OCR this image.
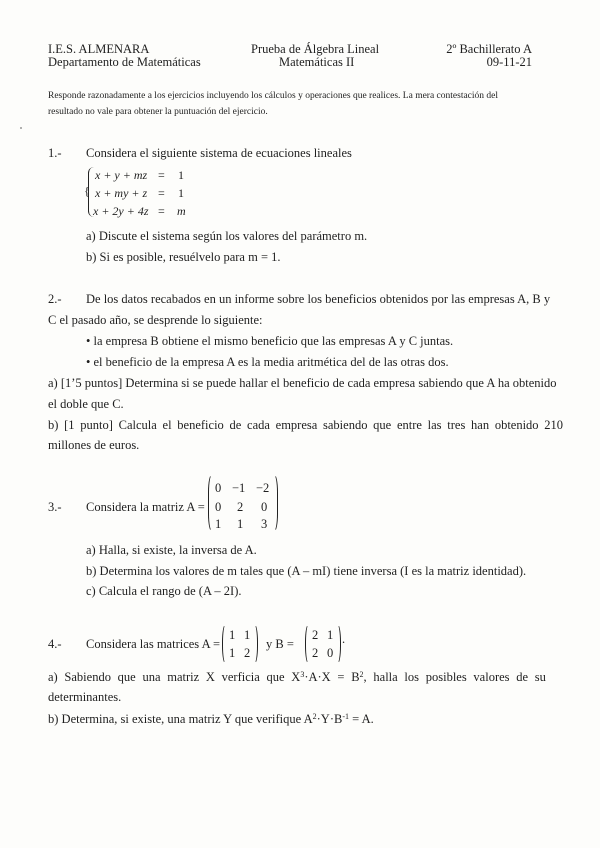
I.E.S. ALMENARA
Departamento de Matemáticas
Prueba de Álgebra Lineal
Matemáticas II
2º Bachillerato A
09-11-21
Responde razonadamente a los ejercicios incluyendo los cálculos y operaciones que realices. La mera contestación del
resultado no vale para obtener la puntuación del ejercicio.
1.- Considera el siguiente sistema de ecuaciones lineales
{
x + y + mz = 1
x + my + z = 1
x + 2y + 4z = m
a) Discute el sistema según los valores del parámetro m.
b) Si es posible, resuélvelo para m = 1.
2.- De los datos recabados en un informe sobre los beneficios obtenidos por las empresas A, B y
C el pasado año, se desprende lo siguiente:
• la empresa B obtiene el mismo beneficio que las empresas A y C juntas.
• el beneficio de la empresa A es la media aritmética del de las otras dos.
a) [1’5 puntos] Determina si se puede hallar el beneficio de cada empresa sabiendo que A ha obtenido
el doble que C.
b) [1 punto] Calcula el beneficio de cada empresa sabiendo que entre las tres han obtenido 210
millones de euros.
3.- Considera la matriz A =
0 −1 −2
0 2 0
1 1 3
a) Halla, si existe, la inversa de A.
b) Determina los valores de m tales que (A – mI) tiene inversa (I es la matriz identidad).
c) Calcula el rango de (A – 2I).
4.- Considera las matrices A =
1 1
1 2
y B =
2 1
2 0
.
a) Sabiendo que una matriz X verficia que $X^3\cdot A\cdot X = B^2$, halla los posibles valores de su
determinantes.
b) Determina, si existe, una matriz Y que verifique $A^2\cdot Y\cdot B^{-1} = A$.
